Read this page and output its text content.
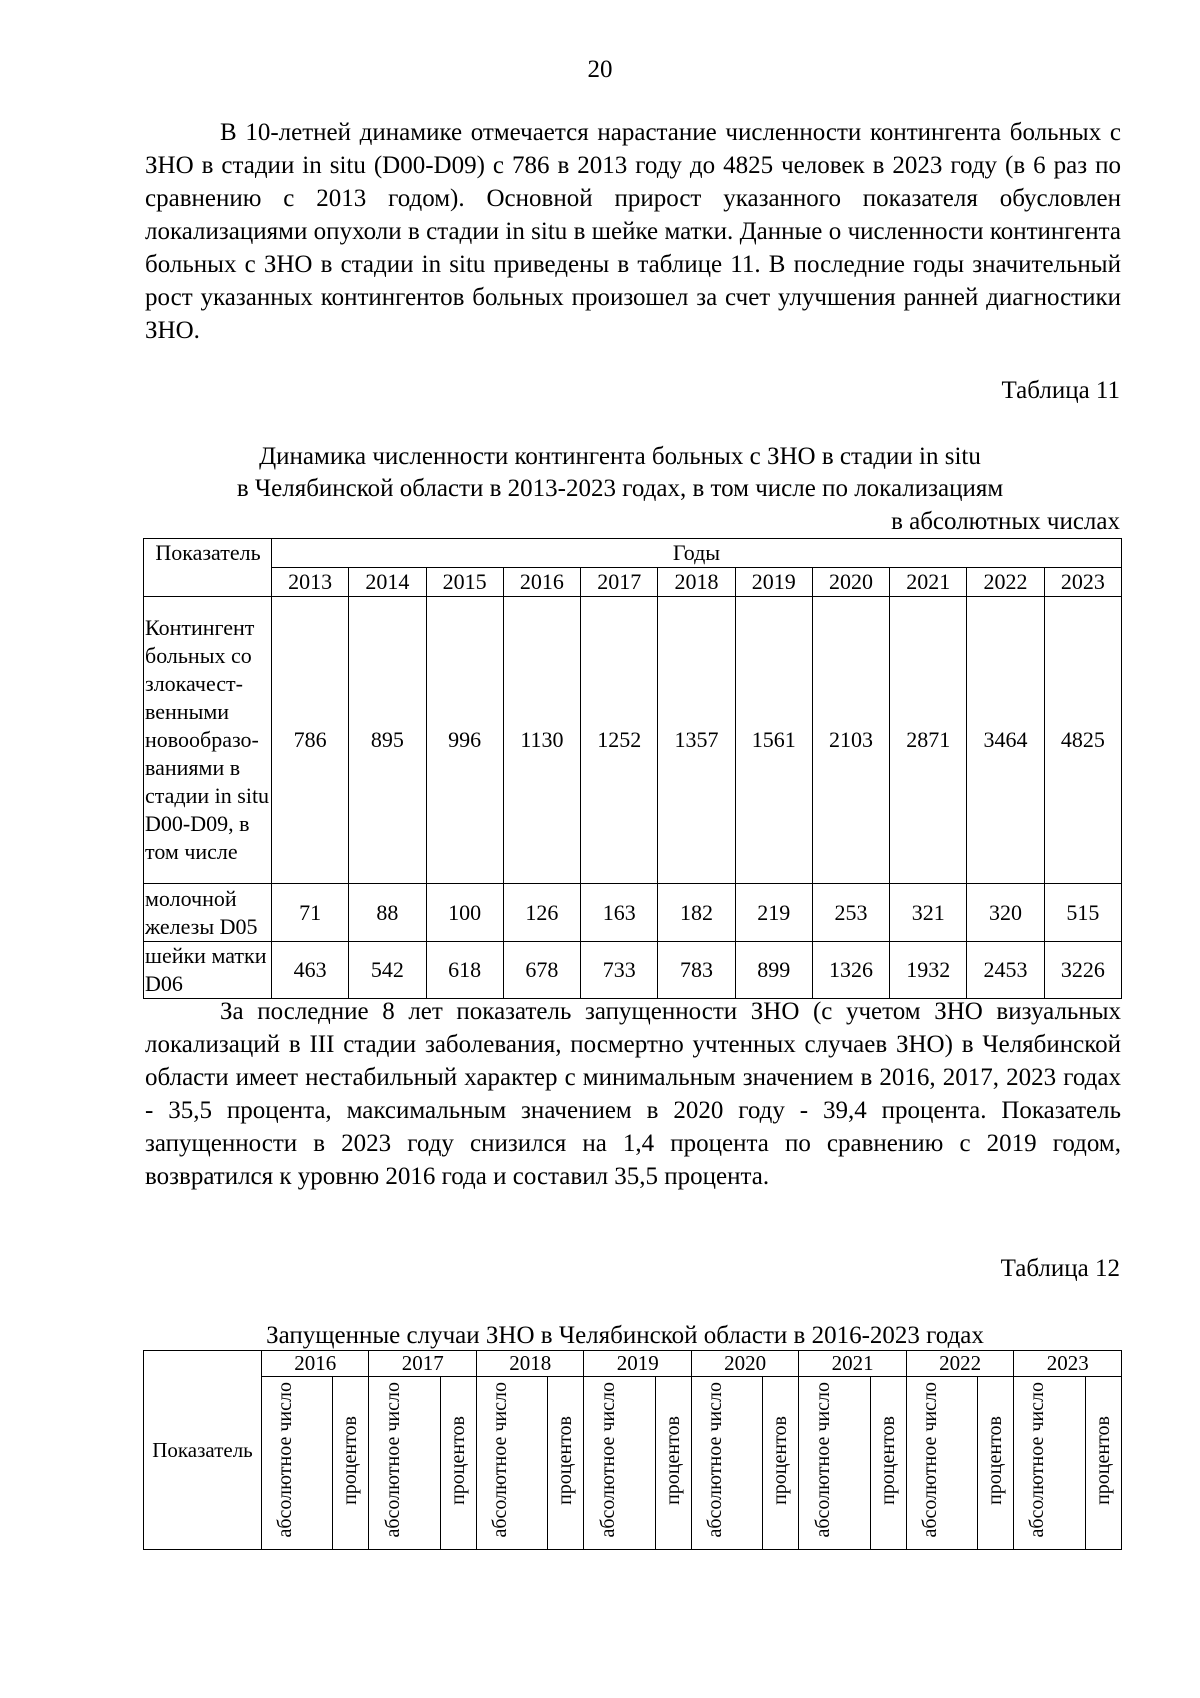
20

В 10-летней динамике отмечается нарастание численности контингента больных с ЗНО в стадии in situ (D00-D09) с 786 в 2013 году до 4825 человек в 2023 году (в 6 раз по сравнению с 2013 годом). Основной прирост указанного показателя обусловлен локализациями опухоли в стадии in situ в шейке матки. Данные о численности контингента больных с ЗНО в стадии in situ приведены в таблице 11. В последние годы значительный рост указанных контингентов больных произошел за счет улучшения ранней диагностики ЗНО.

Таблица 11
Динамика численности контингента больных с ЗНО в стадии in situ
в Челябинской области в 2013-2023 годах, в том числе по локализациям
в абсолютных числах
Показатель	Годы										
	2013	2014	2015	2016	2017	2018	2019	2020	2021	2022	2023
Контингент больных со злокачест-венными новообразо-ваниями в стадии in situ D00-D09, в том числе	786	895	996	1130	1252	1357	1561	2103	2871	3464	4825
молочной железы D05	71	88	100	126	163	182	219	253	321	320	515
шейки матки D06	463	542	618	678	733	783	899	1326	1932	2453	3226

За последние 8 лет показатель запущенности ЗНО (с учетом ЗНО визуальных локализаций в III стадии заболевания, посмертно учтенных случаев ЗНО) в Челябинской области имеет нестабильный характер с минимальным значением в 2016, 2017, 2023 годах - 35,5 процента, максимальным значением в 2020 году - 39,4 процента. Показатель запущенности в 2023 году снизился на 1,4 процента по сравнению с 2019 годом, возвратился к уровню 2016 года и составил 35,5 процента.

Таблица 12
Запущенные случаи ЗНО в Челябинской области в 2016-2023 годах
Показатель	2016		2017		2018		2019		2020		2021		2022		2023	
	абсолютное число	процентов	абсолютное число	процентов	абсолютное число	процентов	абсолютное число	процентов	абсолютное число	процентов	абсолютное число	процентов	абсолютное число	процентов	абсолютное число	процентов
